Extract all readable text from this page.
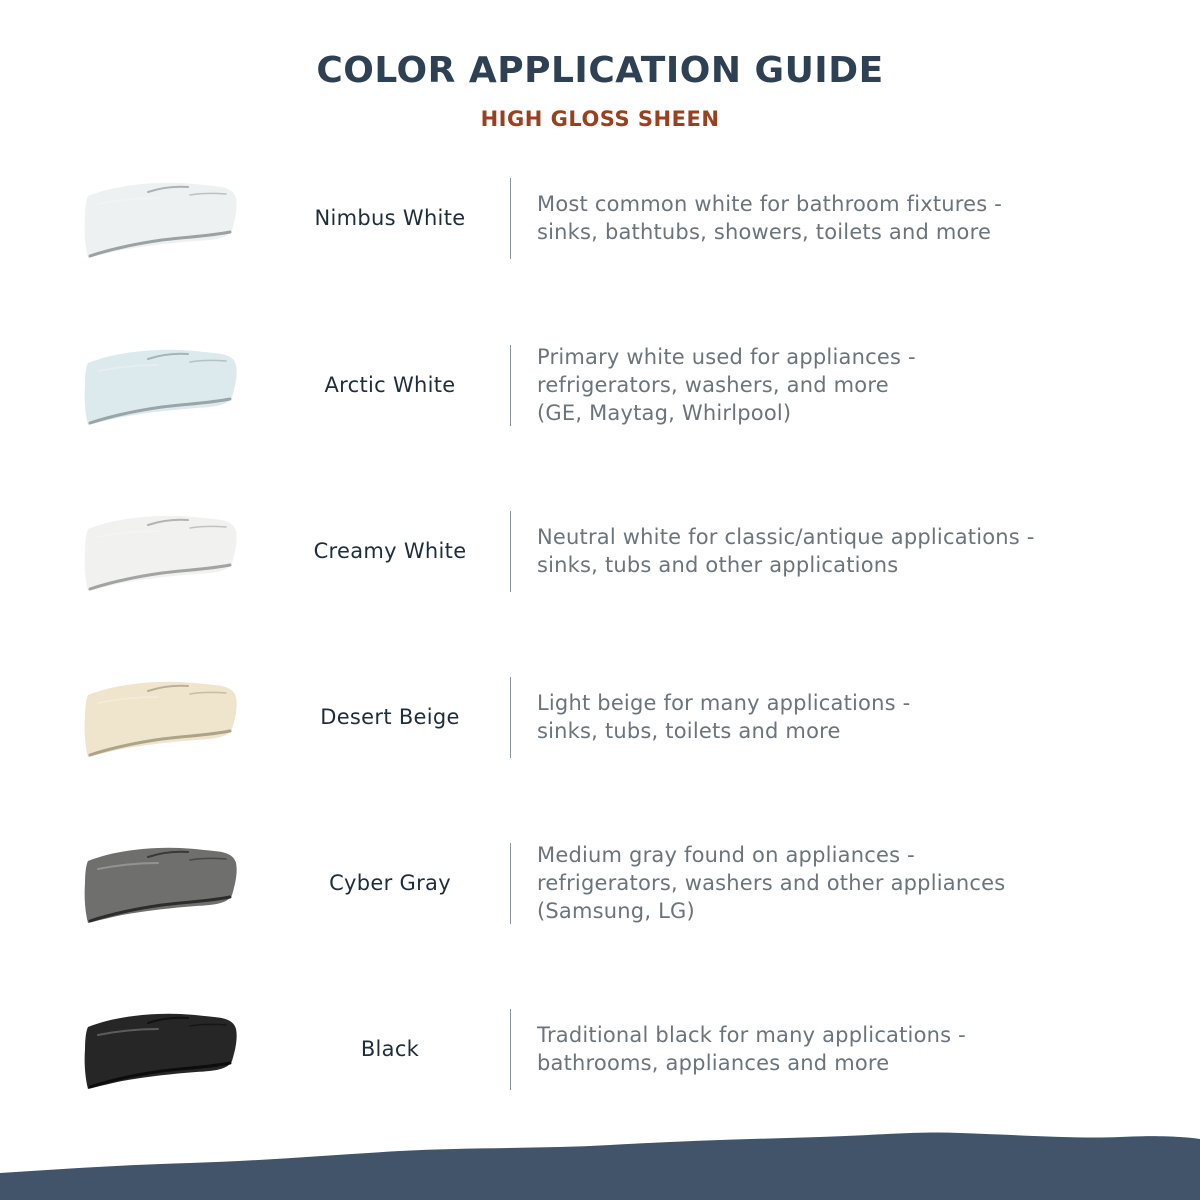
COLOR APPLICATION GUIDE
HIGH GLOSS SHEEN
Nimbus White
Most common white for bathroom fixtures -
sinks, bathtubs, showers, toilets and more
Arctic White
Primary white used for appliances -
refrigerators, washers, and more
(GE, Maytag, Whirlpool)
Creamy White
Neutral white for classic/antique applications -
sinks, tubs and other applications
Desert Beige
Light beige for many applications -
sinks, tubs, toilets and more
Cyber Gray
Medium gray found on appliances -
refrigerators, washers and other appliances
(Samsung, LG)
Black
Traditional black for many applications -
bathrooms, appliances and more
